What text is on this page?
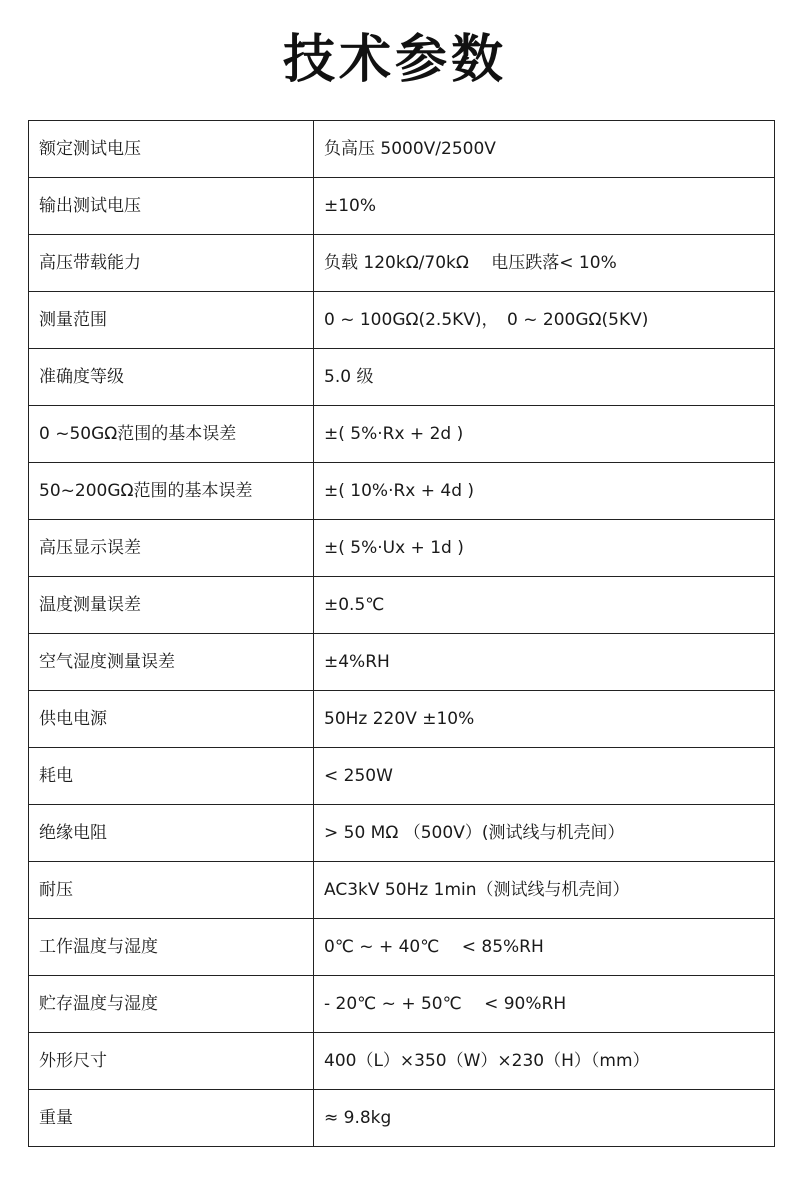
技术参数
额定测试电压	负高压 5000V/2500V
输出测试电压	±10%
高压带载能力	负载 120kΩ/70kΩ 　电压跌落< 10%
测量范围	0 ~ 100GΩ(2.5KV)，　0 ~ 200GΩ(5KV)
准确度等级	5.0 级
0 ~50GΩ范围的基本误差	±( 5%·Rx + 2d )
50~200GΩ范围的基本误差	±( 10%·Rx + 4d )
高压显示误差	±( 5%·Ux + 1d )
温度测量误差	±0.5℃
空气湿度测量误差	±4%RH
供电电源	50Hz 220V ±10%
耗电	< 250W
绝缘电阻	> 50 MΩ （500V）(测试线与机壳间）
耐压	AC3kV 50Hz 1min（测试线与机壳间）
工作温度与湿度	0℃ ~ + 40℃ 　< 85%RH
贮存温度与湿度	- 20℃ ~ + 50℃ 　< 90%RH
外形尺寸	400（L）×350（W）×230（H）（mm）
重量	≈ 9.8kg
